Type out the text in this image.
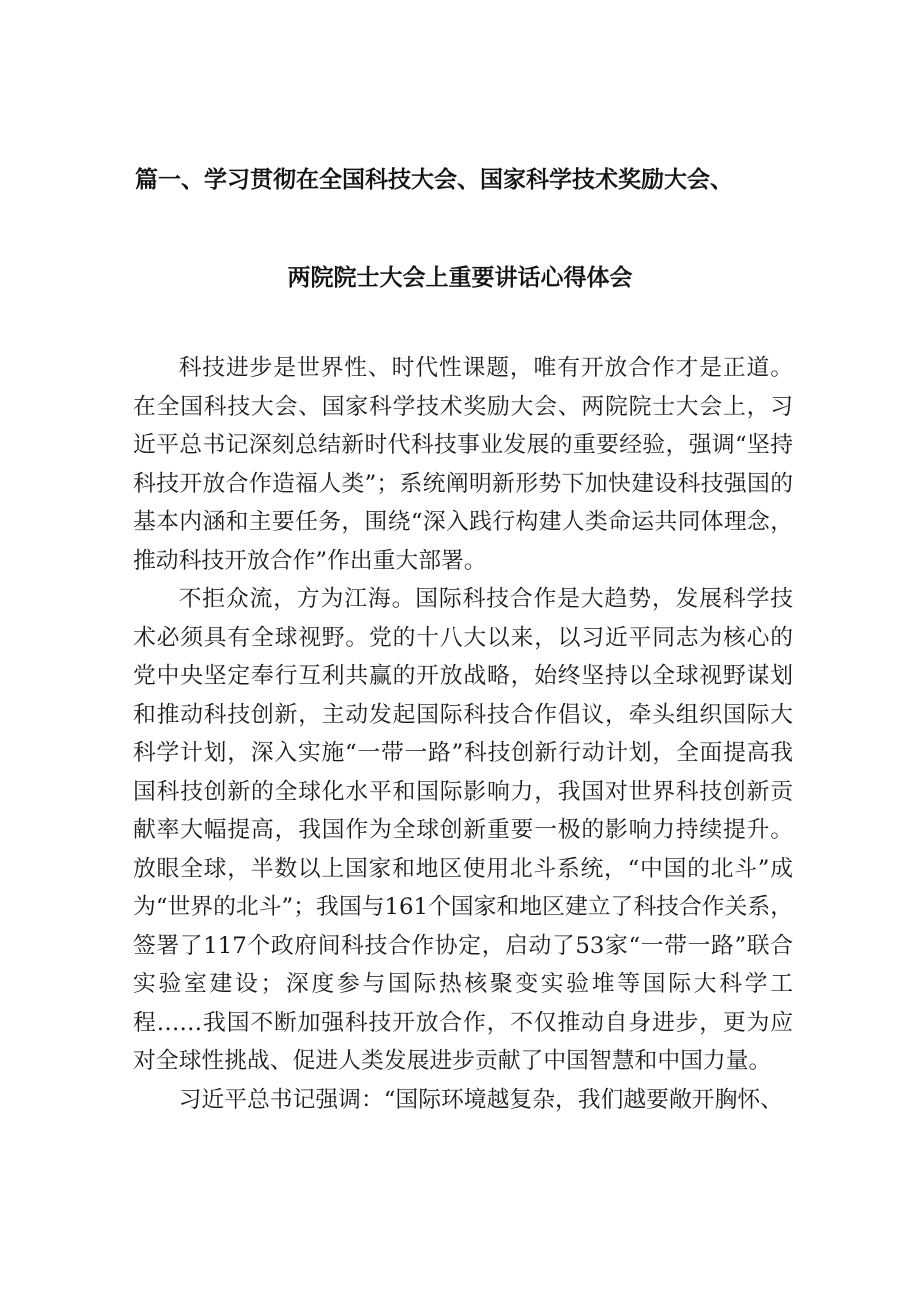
篇一、学习贯彻在全国科技大会、国家科学技术奖励大会、
两院院士大会上重要讲话心得体会

科技进步是世界性、时代性课题，唯有开放合作才是正道。在全国科技大会、国家科学技术奖励大会、两院院士大会上，习近平总书记深刻总结新时代科技事业发展的重要经验，强调“坚持科技开放合作造福人类”；系统阐明新形势下加快建设科技强国的基本内涵和主要任务，围绕“深入践行构建人类命运共同体理念，推动科技开放合作”作出重大部署。

不拒众流，方为江海。国际科技合作是大趋势，发展科学技术必须具有全球视野。党的十八大以来，以习近平同志为核心的党中央坚定奉行互利共赢的开放战略，始终坚持以全球视野谋划和推动科技创新，主动发起国际科技合作倡议，牵头组织国际大科学计划，深入实施“一带一路”科技创新行动计划，全面提高我国科技创新的全球化水平和国际影响力，我国对世界科技创新贡献率大幅提高，我国作为全球创新重要一极的影响力持续提升。放眼全球，半数以上国家和地区使用北斗系统，“中国的北斗”成为“世界的北斗”；我国与161个国家和地区建立了科技合作关系，签署了117个政府间科技合作协定，启动了53家“一带一路”联合实验室建设；深度参与国际热核聚变实验堆等国际大科学工程……我国不断加强科技开放合作，不仅推动自身进步，更为应对全球性挑战、促进人类发展进步贡献了中国智慧和中国力量。

习近平总书记强调：“国际环境越复杂，我们越要敞开胸怀、
